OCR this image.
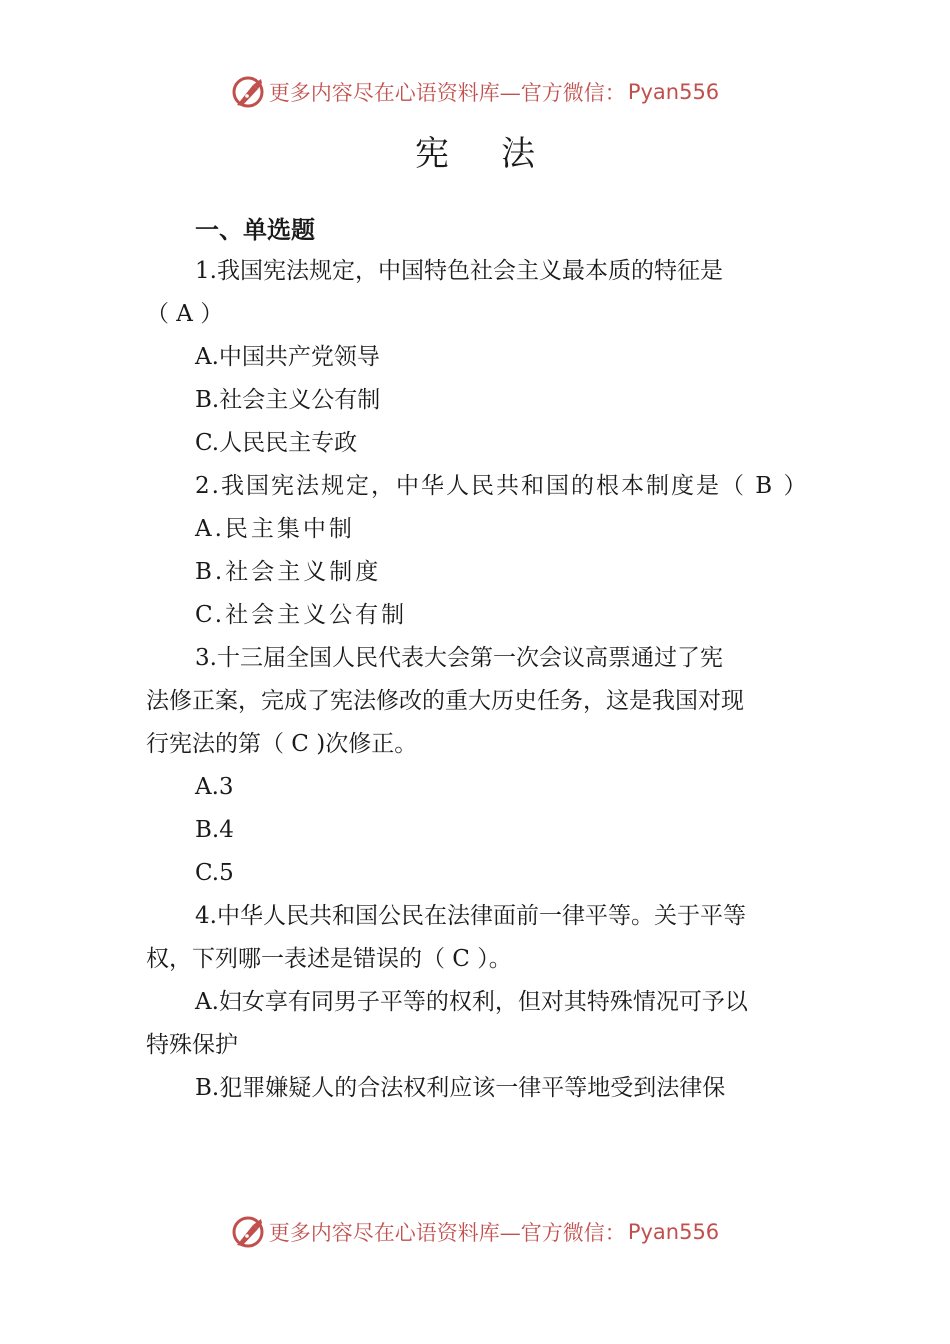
更多内容尽在心语资料库—官方微信： Pyan556
宪法
一、单选题
1.我国宪法规定，中国特色社会主义最本质的特征是
（ A ）
A.中国共产党领导
B.社会主义公有制
C.人民民主专政
2.我国宪法规定，中华人民共和国的根本制度是（ B ）
A.民主集中制
B.社会主义制度
C.社会主义公有制
3.十三届全国人民代表大会第一次会议高票通过了宪
法修正案，完成了宪法修改的重大历史任务，这是我国对现
行宪法的第（ C )次修正。
A.3
B.4
C.5
4.中华人民共和国公民在法律面前一律平等。关于平等
权，下列哪一表述是错误的（ C ）。
A.妇女享有同男子平等的权利，但对其特殊情况可予以
特殊保护
B.犯罪嫌疑人的合法权利应该一律平等地受到法律保
更多内容尽在心语资料库—官方微信： Pyan556
